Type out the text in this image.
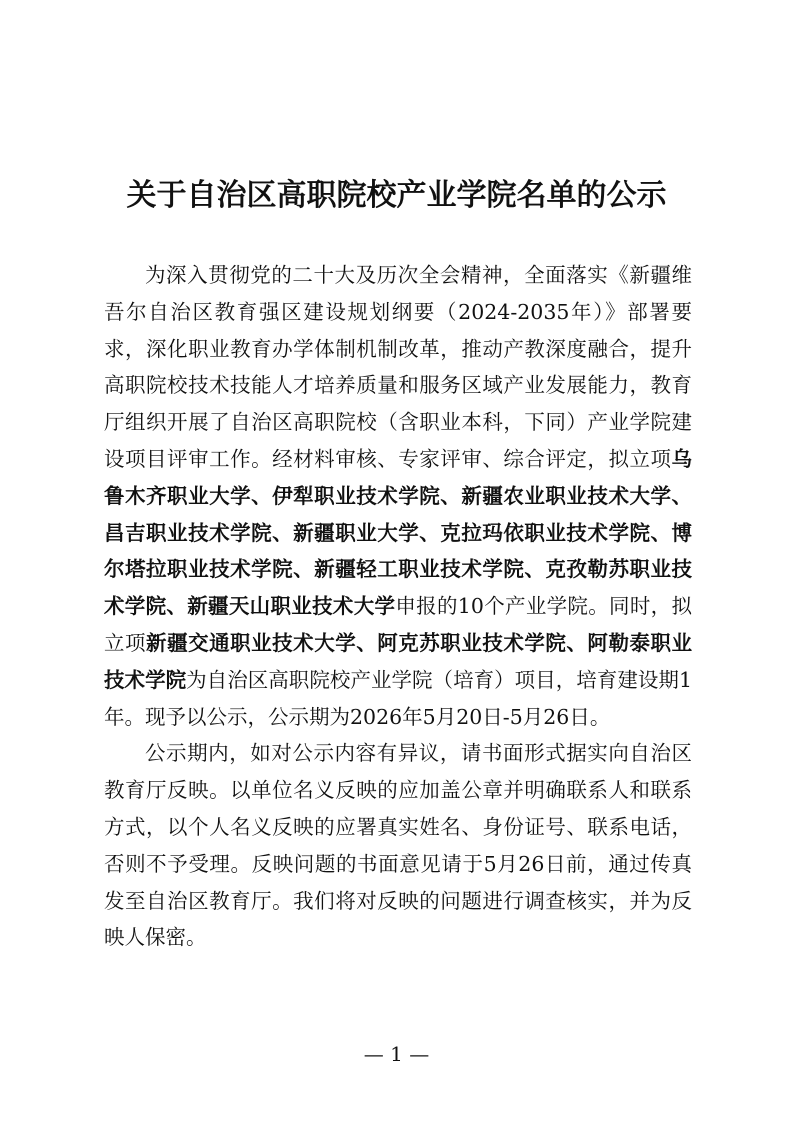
关于自治区高职院校产业学院名单的公示

为深入贯彻党的二十大及历次全会精神，全面落实《新疆维吾尔自治区教育强区建设规划纲要（2024-2035年）》部署要求，深化职业教育办学体制机制改革，推动产教深度融合，提升高职院校技术技能人才培养质量和服务区域产业发展能力，教育厅组织开展了自治区高职院校（含职业本科，下同）产业学院建设项目评审工作。经材料审核、专家评审、综合评定，拟立项乌鲁木齐职业大学、伊犁职业技术学院、新疆农业职业技术大学、昌吉职业技术学院、新疆职业大学、克拉玛依职业技术学院、博尔塔拉职业技术学院、新疆轻工职业技术学院、克孜勒苏职业技术学院、新疆天山职业技术大学申报的10个产业学院。同时，拟立项新疆交通职业技术大学、阿克苏职业技术学院、阿勒泰职业技术学院为自治区高职院校产业学院（培育）项目，培育建设期1年。现予以公示，公示期为2026年5月20日-5月26日。

公示期内，如对公示内容有异议，请书面形式据实向自治区教育厅反映。以单位名义反映的应加盖公章并明确联系人和联系方式，以个人名义反映的应署真实姓名、身份证号、联系电话，否则不予受理。反映问题的书面意见请于5月26日前，通过传真发至自治区教育厅。我们将对反映的问题进行调查核实，并为反映人保密。

— 1 —
